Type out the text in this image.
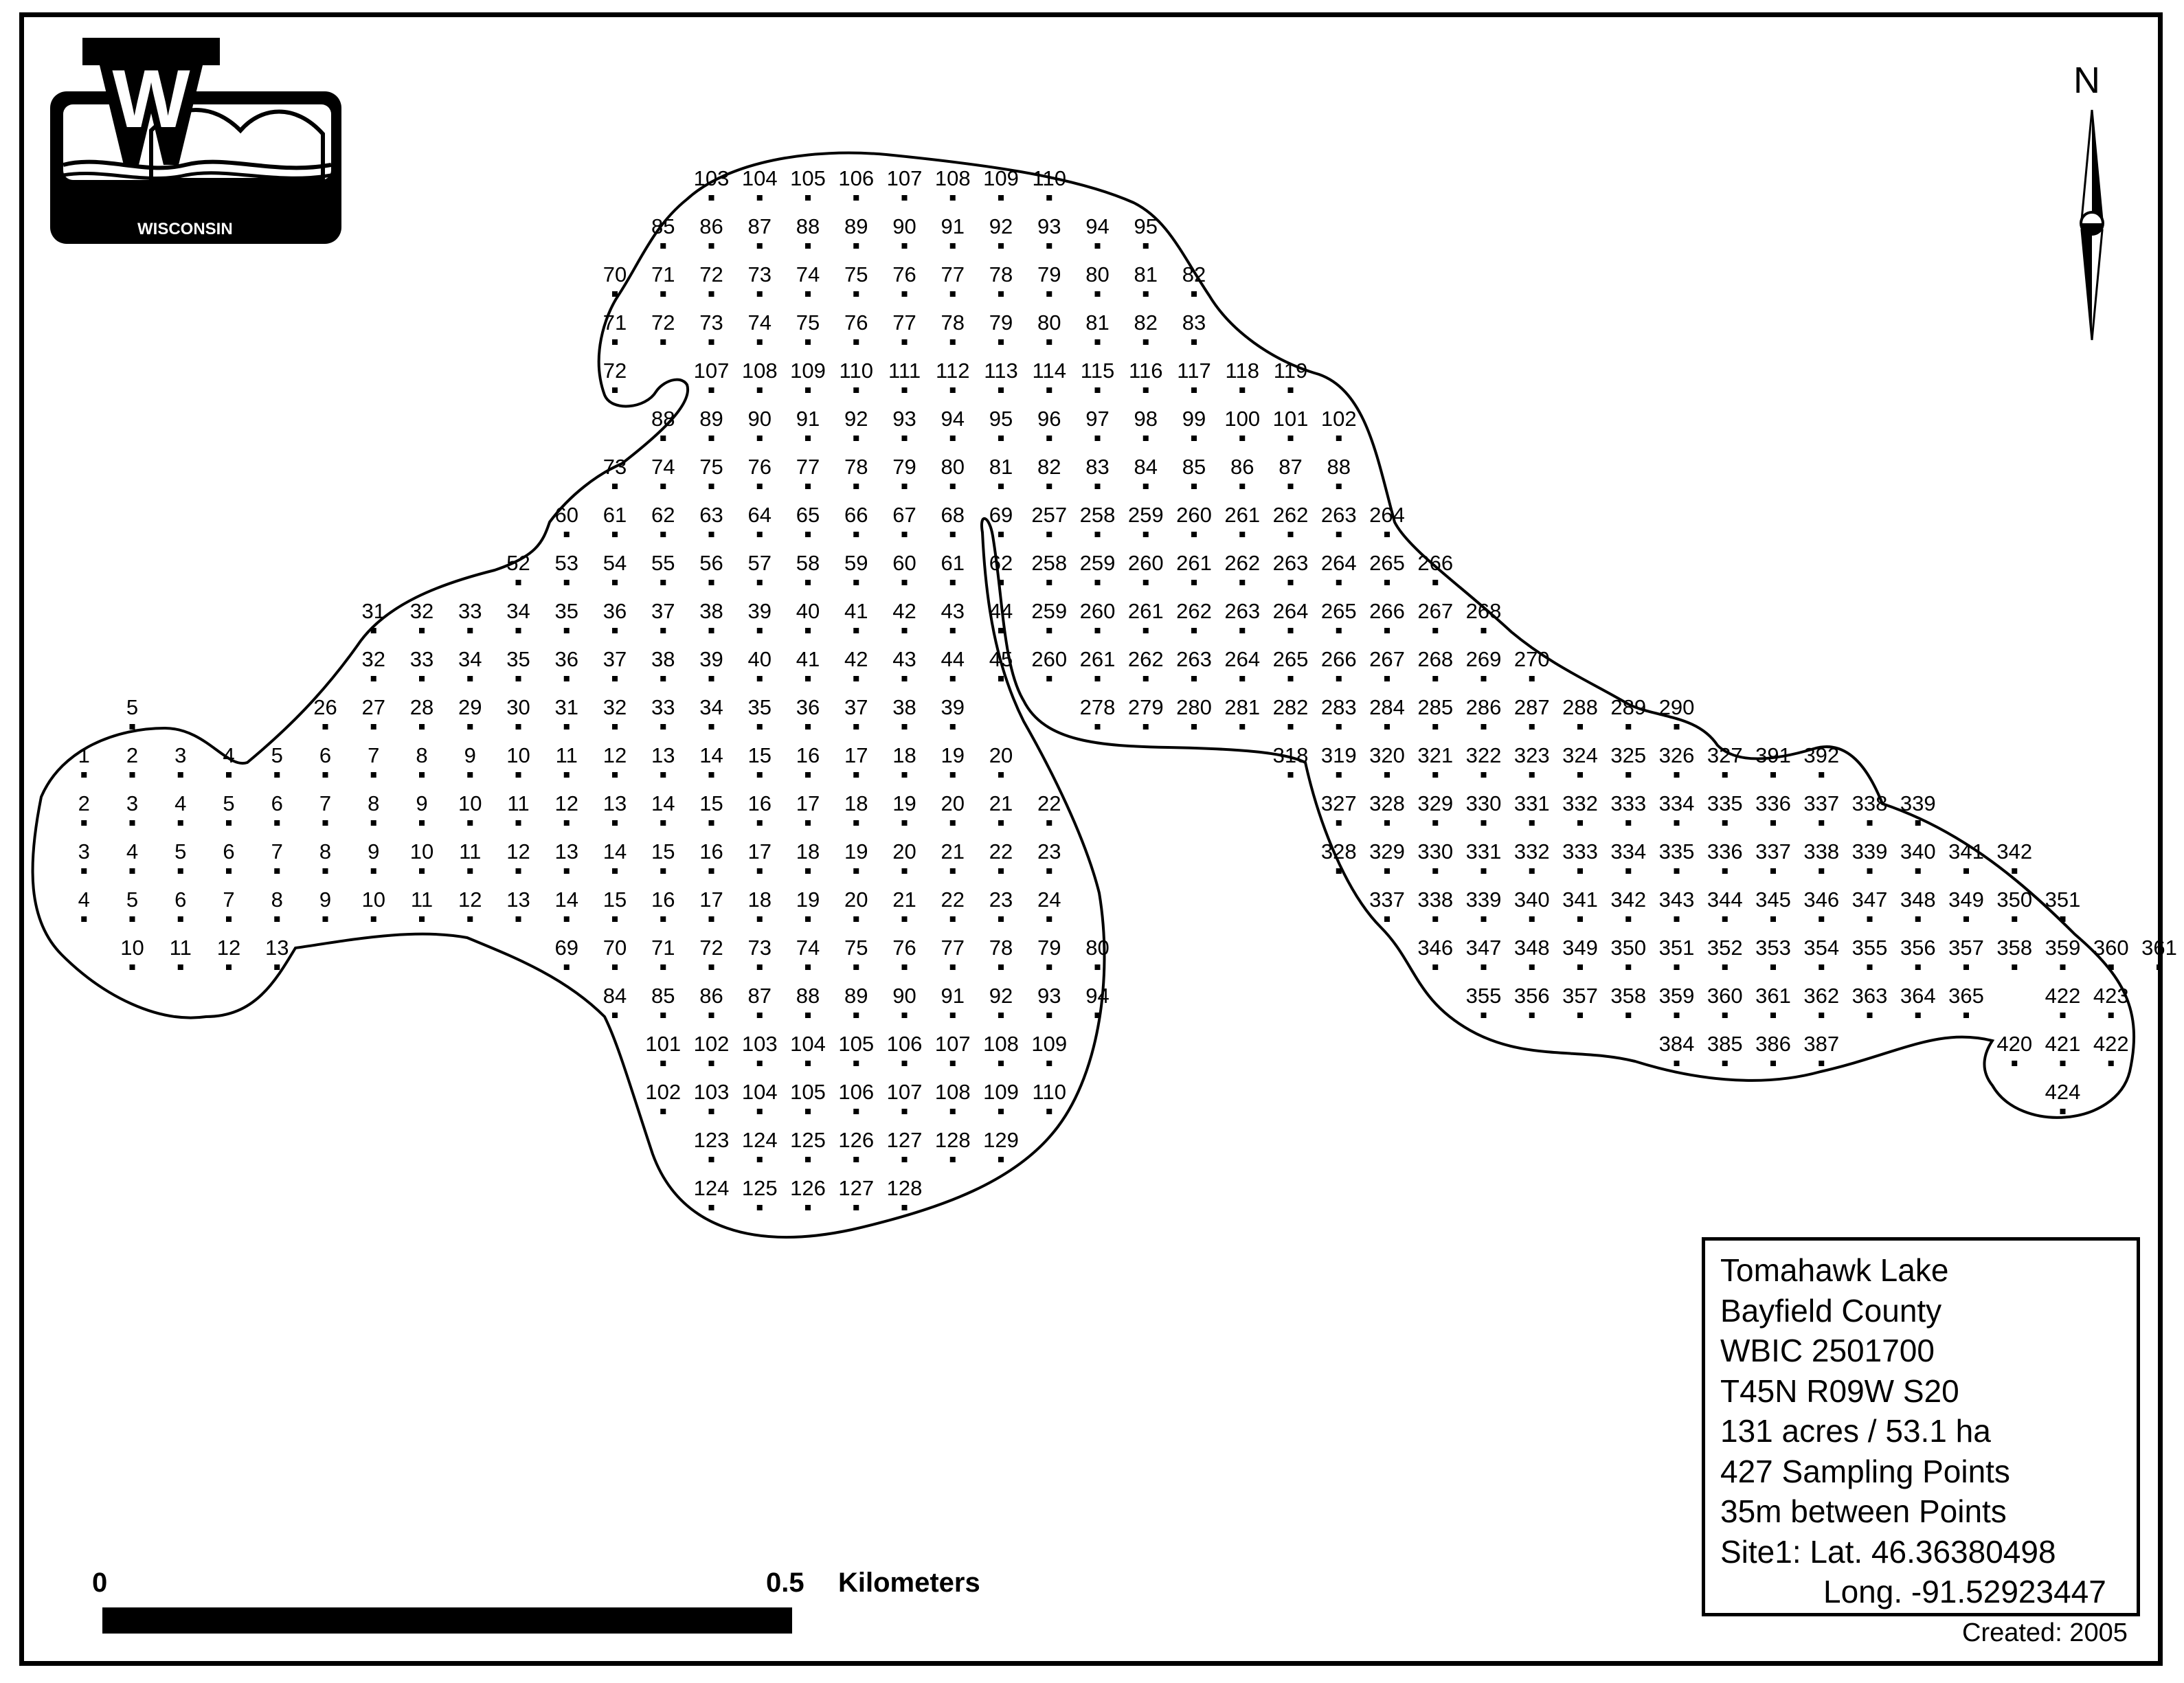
103 104 105 106 107 108 109 110
85 86 87 88 89 90 91 92 93 94 95
70 71 72 73 74 75 76 77 78 79 80 81 82
71 72 73 74 75 76 77 78 79 80 81 82 83
72	107 108 109 110 111 112 113 114 115 116 117 118 119
88 89 90 91 92 93 94 95 96 97 98 99 100 101 102
73 74 75 76 77 78 79 80 81 82 83 84 85 86 87 88
60 61 62 63 64 65 66 67 68 69 257 258 259 260 261 262 263 264
52 53 54 55 56 57 58 59 60 61 62 258 259 260 261 262 263 264 265 266
31 32 33 34 35 36 37 38 39 40 41 42 43 44 259 260 261 262 263 264 265 266 267 268
32 33 34 35 36 37 38 39 40 41 42 43 44 45 260 261 262 263 264 265 266 267 268 269 270
5	26 27 28 29 30 31 32 33 34 35 36 37 38 39	278 279 280 281 282 283 284 285 286 287 288 289 290
1 2 3 4 5 6 7 8 9 10 11 12 13 14 15 16 17 18 19 20	318 319 320 321 322 323 324 325 326 327 391 392
2 3 4 5 6 7 8 9 10 11 12 13 14 15 16 17 18 19 20 21 22	327 328 329 330 331 332 333 334 335 336 337 338 339
3 4 5 6 7 8 9 10 11 12 13 14 15 16 17 18 19 20 21 22 23	328 329 330 331 332 333 334 335 336 337 338 339 340 341 342
4 5 6 7 8 9 10 11 12 13 14 15 16 17 18 19 20 21 22 23 24	337 338 339 340 341 342 343 344 345 346 347 348 349 350 351
10 11 12 13	69 70 71 72 73 74 75 76 77 78 79 80	346 347 348 349 350 351 352 353 354 355 356 357 358 359 360 361
84 85 86 87 88 89 90 91 92 93 94	355 356 357 358 359 360 361 362 363 364 365	422 423
101 102 103 104 105 106 107 108 109	384 385 386 387	420 421 422
102 103 104 105 106 107 108 109 110	424
123 124 125 126 127 128 129
124 125 126 127 128
W
WISCONSIN
DEPT. OF NATURAL RESOURCES
N
0	0.5 Kilometers
Tomahawk Lake
Bayfield County
WBIC 2501700
T45N R09W S20
131 acres / 53.1 ha
427 Sampling Points
35m between Points
Site1: Lat. 46.36380498
Long. -91.52923447
Created: 2005
